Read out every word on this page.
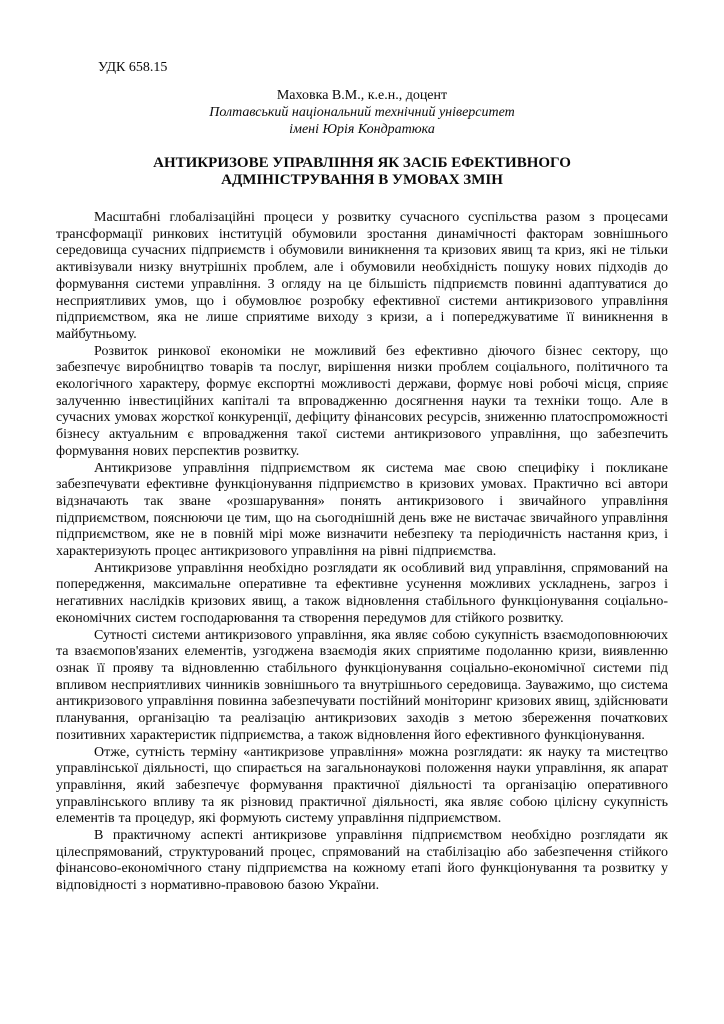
УДК 658.15
Маховка В.М., к.е.н., доцент
Полтавський національний технічний університет
імені Юрія Кондратюка
АНТИКРИЗОВЕ УПРАВЛІННЯ ЯК ЗАСІБ ЕФЕКТИВНОГО АДМІНІСТРУВАННЯ В УМОВАХ ЗМІН

Масштабні глобалізаційні процеси у розвитку сучасного суспільства разом з процесами трансформації ринкових інституцій обумовили зростання динамічності факторам зовнішнього середовища сучасних підприємств і обумовили виникнення та кризових явищ та криз, які не тільки активізували низку внутрішніх проблем, але і обумовили необхідність пошуку нових підходів до формування системи управління. З огляду на це більшість підприємств повинні адаптуватися до несприятливих умов, що і обумовлює розробку ефективної системи антикризового управління підприємством, яка не лише сприятиме виходу з кризи, а і попереджуватиме її виникнення в майбутньому.

Розвиток ринкової економіки не можливий без ефективно діючого бізнес сектору, що забезпечує виробництво товарів та послуг, вирішення низки проблем соціального, політичного та екологічного характеру, формує експортні можливості держави, формує нові робочі місця, сприяє залученню інвестиційних капіталі та впровадженню досягнення науки та техніки тощо. Але в сучасних умовах жорсткої конкуренції, дефіциту фінансових ресурсів, зниженню платоспроможності бізнесу актуальним є впровадження такої системи антикризового управління, що забезпечить формування нових перспектив розвитку.

Антикризове управління підприємством як система має свою специфіку і покликане забезпечувати ефективне функціонування підприємство в кризових умовах. Практично всі автори відзначають так зване «розшарування» понять антикризового і звичайного управління підприємством, пояснюючи це тим, що на сьогоднішній день вже не вистачає звичайного управління підприємством, яке не в повній мірі може визначити небезпеку та періодичність настання криз, і характеризують процес антикризового управління на рівні підприємства.

Антикризове управління необхідно розглядати як особливий вид управління, спрямований на попередження, максимальне оперативне та ефективне усунення можливих ускладнень, загроз і негативних наслідків кризових явищ, а також відновлення стабільного функціонування соціально-економічних систем господарювання та створення передумов для стійкого розвитку.

Сутності системи антикризового управління, яка являє собою сукупність взаємодоповнюючих та взаємопов'язаних елементів, узгоджена взаємодія яких сприятиме подоланню кризи, виявленню ознак її прояву та відновленню стабільного функціонування соціально-економічної системи під впливом несприятливих чинників зовнішнього та внутрішнього середовища. Зауважимо, що система антикризового управління повинна забезпечувати постійний моніторинг кризових явищ, здійснювати планування, організацію та реалізацію антикризових заходів з метою збереження початкових позитивних характеристик підприємства, а також відновлення його ефективного функціонування.

Отже, сутність терміну «антикризове управління» можна розглядати: як науку та мистецтво управлінської діяльності, що спирається на загальнонаукові положення науки управління, як апарат управління, який забезпечує формування практичної діяльності та організацію оперативного управлінського впливу та як різновид практичної діяльності, яка являє собою цілісну сукупність елементів та процедур, які формують систему управління підприємством.

В практичному аспекті антикризове управління підприємством необхідно розглядати як цілеспрямований, структурований процес, спрямований на стабілізацію або забезпечення стійкого фінансово-економічного стану підприємства на кожному етапі його функціонування та розвитку у відповідності з нормативно-правовою базою України.
